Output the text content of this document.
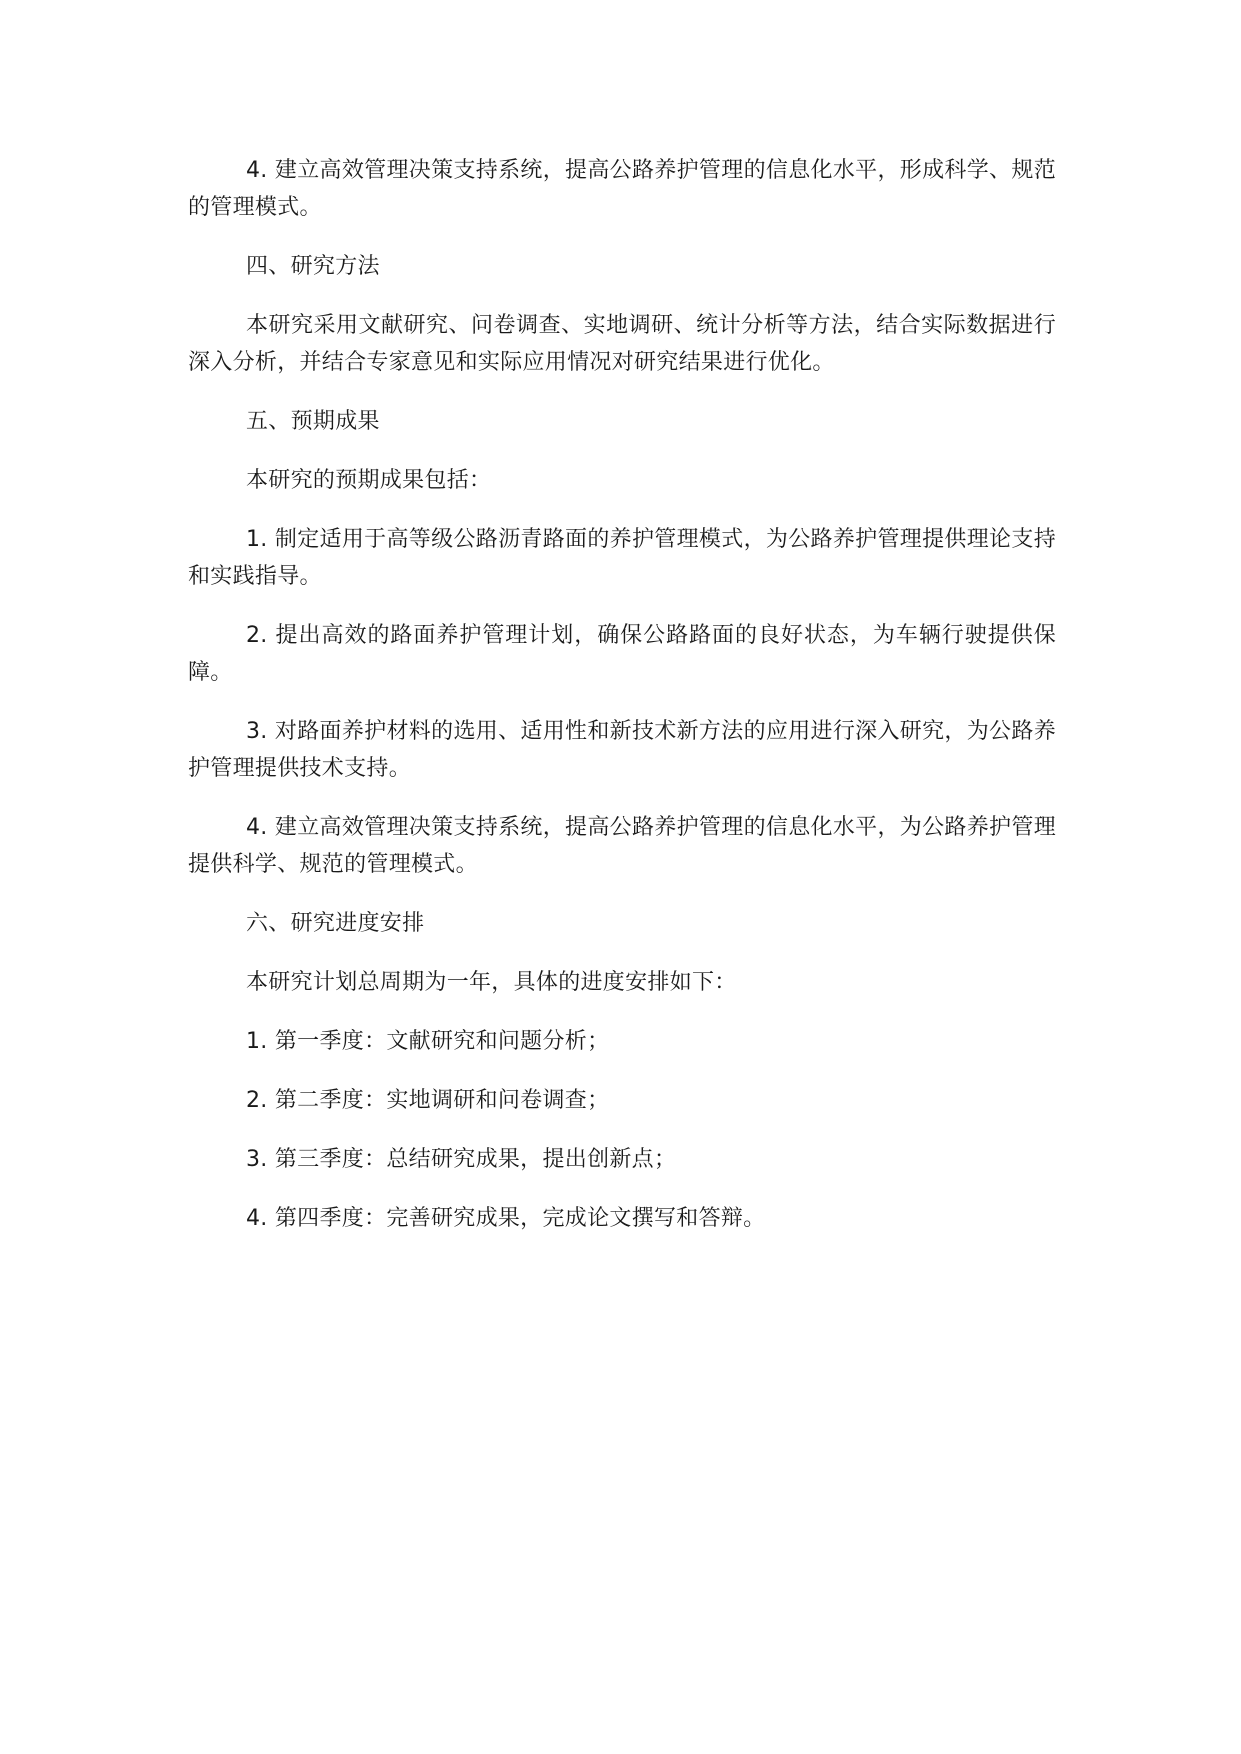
4. 建立高效管理决策支持系统，提高公路养护管理的信息化水平，形成科学、规范的管理模式。

四、研究方法

本研究采用文献研究、问卷调查、实地调研、统计分析等方法，结合实际数据进行深入分析，并结合专家意见和实际应用情况对研究结果进行优化。

五、预期成果

本研究的预期成果包括：

1. 制定适用于高等级公路沥青路面的养护管理模式，为公路养护管理提供理论支持和实践指导。

2. 提出高效的路面养护管理计划，确保公路路面的良好状态，为车辆行驶提供保障。

3. 对路面养护材料的选用、适用性和新技术新方法的应用进行深入研究，为公路养护管理提供技术支持。

4. 建立高效管理决策支持系统，提高公路养护管理的信息化水平，为公路养护管理提供科学、规范的管理模式。

六、研究进度安排

本研究计划总周期为一年，具体的进度安排如下：

1. 第一季度：文献研究和问题分析；

2. 第二季度：实地调研和问卷调查；

3. 第三季度：总结研究成果，提出创新点；

4. 第四季度：完善研究成果，完成论文撰写和答辩。
